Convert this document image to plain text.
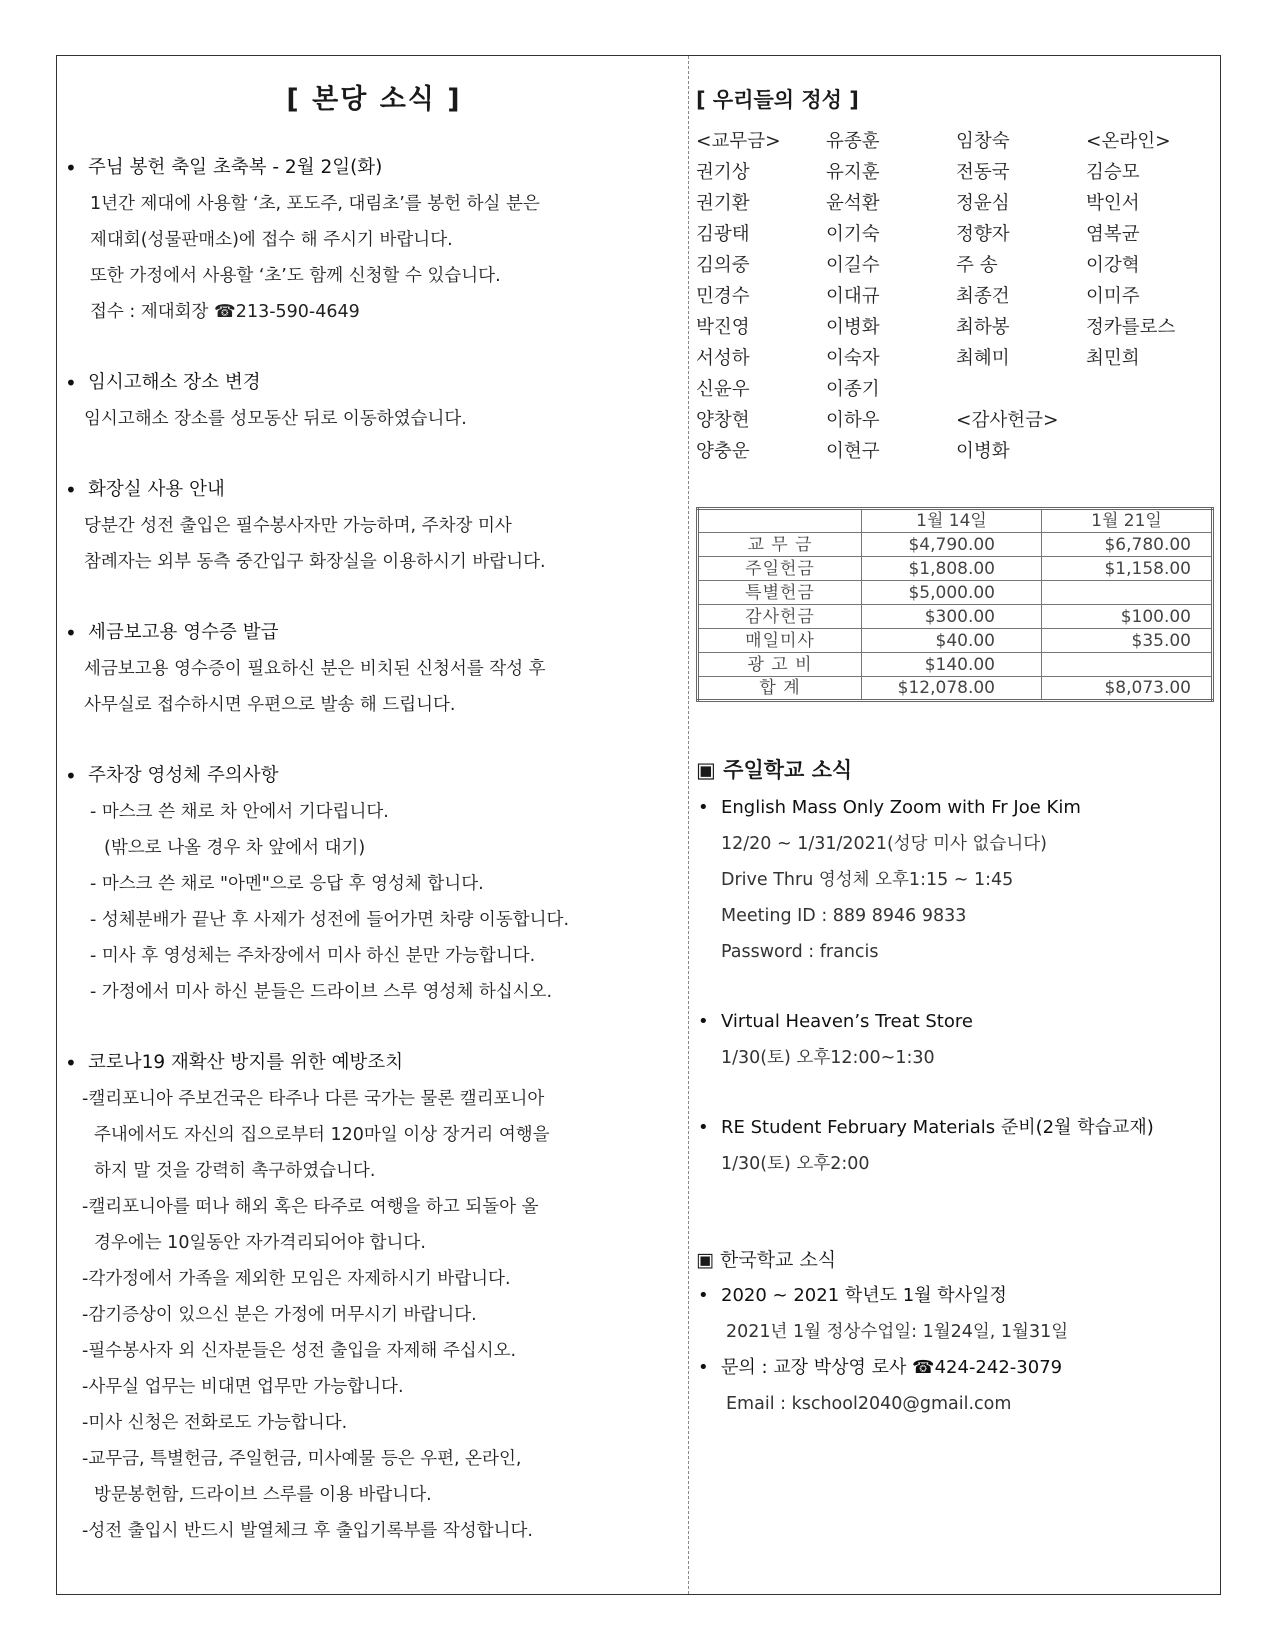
[ 본당 소식 ]
• 주님 봉헌 축일 초축복 - 2월 2일(화)
1년간 제대에 사용할 ‘초, 포도주, 대림초’를 봉헌 하실 분은
제대회(성물판매소)에 접수 해 주시기 바랍니다.
또한 가정에서 사용할 ‘초’도 함께 신청할 수 있습니다.
접수 : 제대회장 ☎213-590-4649
• 임시고해소 장소 변경
임시고해소 장소를 성모동산 뒤로 이동하였습니다.
• 화장실 사용 안내
당분간 성전 출입은 필수봉사자만 가능하며, 주차장 미사
참례자는 외부 동측 중간입구 화장실을 이용하시기 바랍니다.
• 세금보고용 영수증 발급
세금보고용 영수증이 필요하신 분은 비치된 신청서를 작성 후
사무실로 접수하시면 우편으로 발송 해 드립니다.
• 주차장 영성체 주의사항
- 마스크 쓴 채로 차 안에서 기다립니다.
(밖으로 나올 경우 차 앞에서 대기)
- 마스크 쓴 채로 "아멘"으로 응답 후 영성체 합니다.
- 성체분배가 끝난 후 사제가 성전에 들어가면 차량 이동합니다.
- 미사 후 영성체는 주차장에서 미사 하신 분만 가능합니다.
- 가정에서 미사 하신 분들은 드라이브 스루 영성체 하십시오.
• 코로나19 재확산 방지를 위한 예방조치
-캘리포니아 주보건국은 타주나 다른 국가는 물론 캘리포니아
주내에서도 자신의 집으로부터 120마일 이상 장거리 여행을
하지 말 것을 강력히 촉구하였습니다.
-캘리포니아를 떠나 해외 혹은 타주로 여행을 하고 되돌아 올
경우에는 10일동안 자가격리되어야 합니다.
-각가정에서 가족을 제외한 모임은 자제하시기 바랍니다.
-감기증상이 있으신 분은 가정에 머무시기 바랍니다.
-필수봉사자 외 신자분들은 성전 출입을 자제해 주십시오.
-사무실 업무는 비대면 업무만 가능합니다.
-미사 신청은 전화로도 가능합니다.
-교무금, 특별헌금, 주일헌금, 미사예물 등은 우편, 온라인,
방문봉헌함, 드라이브 스루를 이용 바랍니다.
-성전 출입시 반드시 발열체크 후 출입기록부를 작성합니다.
[ 우리들의 정성 ]
<교무금>	유종훈	임창숙	<온라인>
권기상	유지훈	전동국	김승모
권기환	윤석환	정윤심	박인서
김광태	이기숙	정향자	염복균
김의중	이길수	주 송	이강혁
민경수	이대규	최종건	이미주
박진영	이병화	최하봉	정카를로스
서성하	이숙자	최혜미	최민희
신윤우	이종기
양창현	이하우	<감사헌금>
양충운	이현구	이병화
	1월 14일	1월 21일
교 무 금	$4,790.00	$6,780.00
주일헌금	$1,808.00	$1,158.00
특별헌금	$5,000.00	
감사헌금	$300.00	$100.00
매일미사	$40.00	$35.00
광 고 비	$140.00	
합 계	$12,078.00	$8,073.00
▣ 주일학교 소식
• English Mass Only Zoom with Fr Joe Kim
12/20 ~ 1/31/2021(성당 미사 없습니다)
Drive Thru 영성체 오후1:15 ~ 1:45
Meeting ID : 889 8946 9833
Password : francis
• Virtual Heaven’s Treat Store
1/30(토) 오후12:00~1:30
• RE Student February Materials 준비(2월 학습교재)
1/30(토) 오후2:00
▣ 한국학교 소식
• 2020 ~ 2021 학년도 1월 학사일정
2021년 1월 정상수업일: 1월24일, 1월31일
• 문의 : 교장 박상영 로사 ☎424-242-3079
Email : kschool2040@gmail.com
